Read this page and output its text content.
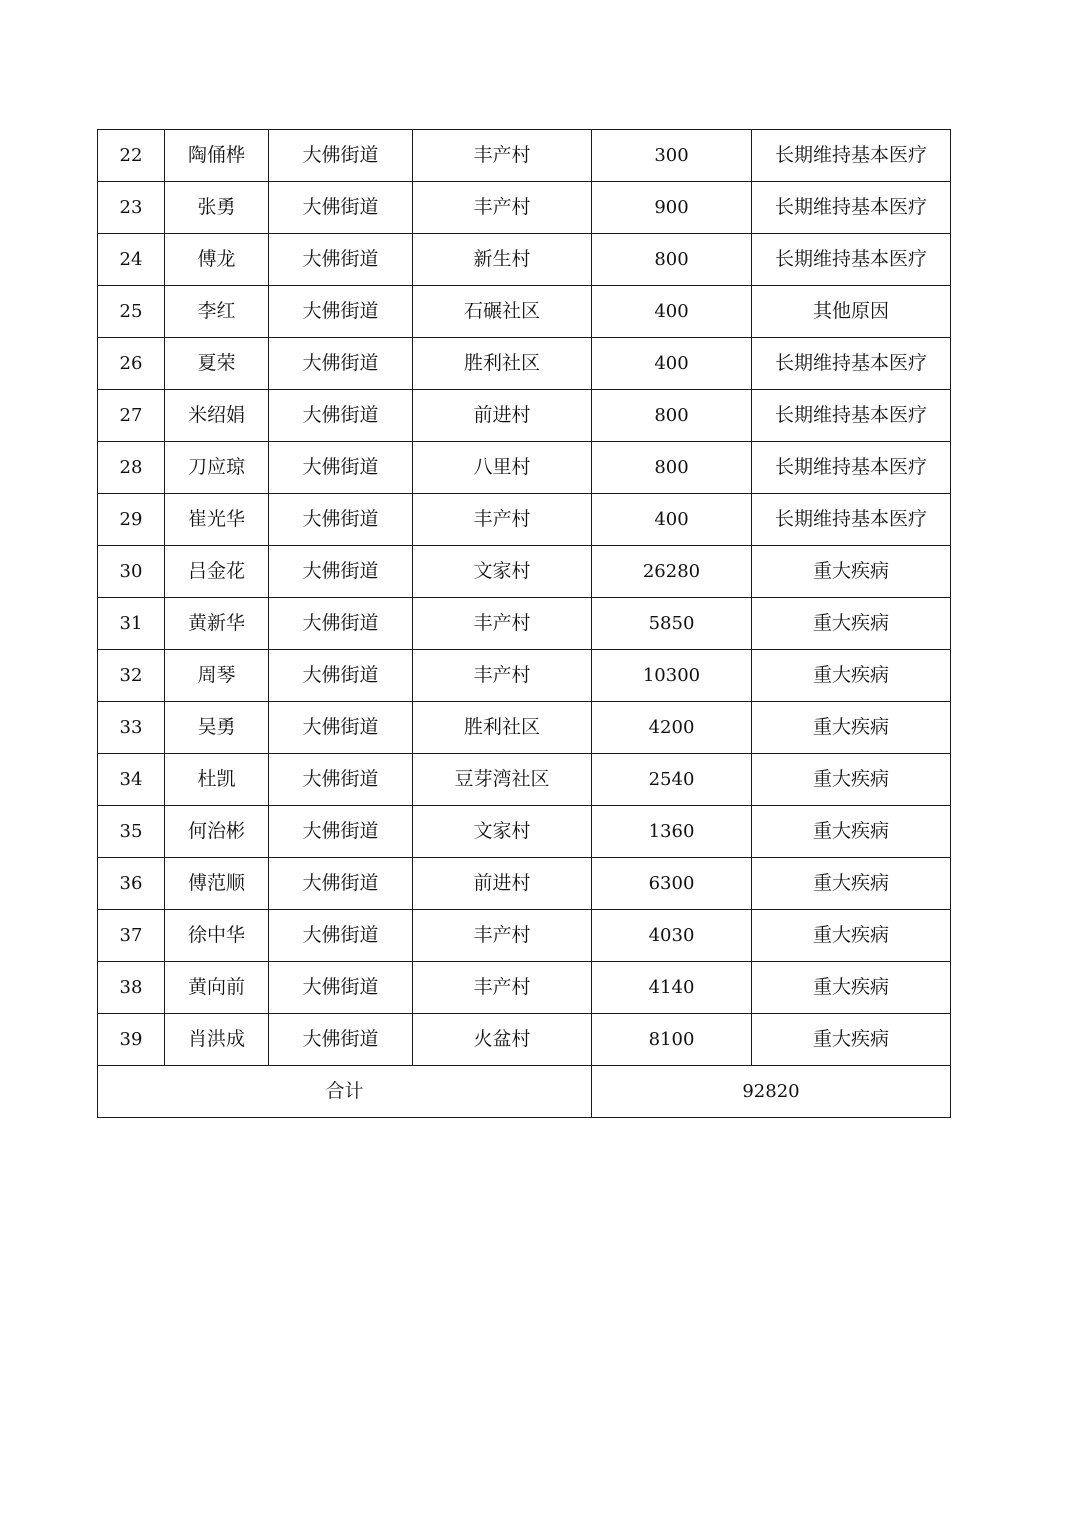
22	陶俑桦	大佛街道	丰产村	300	长期维持基本医疗
23	张勇	大佛街道	丰产村	900	长期维持基本医疗
24	傅龙	大佛街道	新生村	800	长期维持基本医疗
25	李红	大佛街道	石碾社区	400	其他原因
26	夏荣	大佛街道	胜利社区	400	长期维持基本医疗
27	米绍娟	大佛街道	前进村	800	长期维持基本医疗
28	刀应琼	大佛街道	八里村	800	长期维持基本医疗
29	崔光华	大佛街道	丰产村	400	长期维持基本医疗
30	吕金花	大佛街道	文家村	26280	重大疾病
31	黄新华	大佛街道	丰产村	5850	重大疾病
32	周琴	大佛街道	丰产村	10300	重大疾病
33	吴勇	大佛街道	胜利社区	4200	重大疾病
34	杜凯	大佛街道	豆芽湾社区	2540	重大疾病
35	何治彬	大佛街道	文家村	1360	重大疾病
36	傅范顺	大佛街道	前进村	6300	重大疾病
37	徐中华	大佛街道	丰产村	4030	重大疾病
38	黄向前	大佛街道	丰产村	4140	重大疾病
39	肖洪成	大佛街道	火盆村	8100	重大疾病
合计				92820	
